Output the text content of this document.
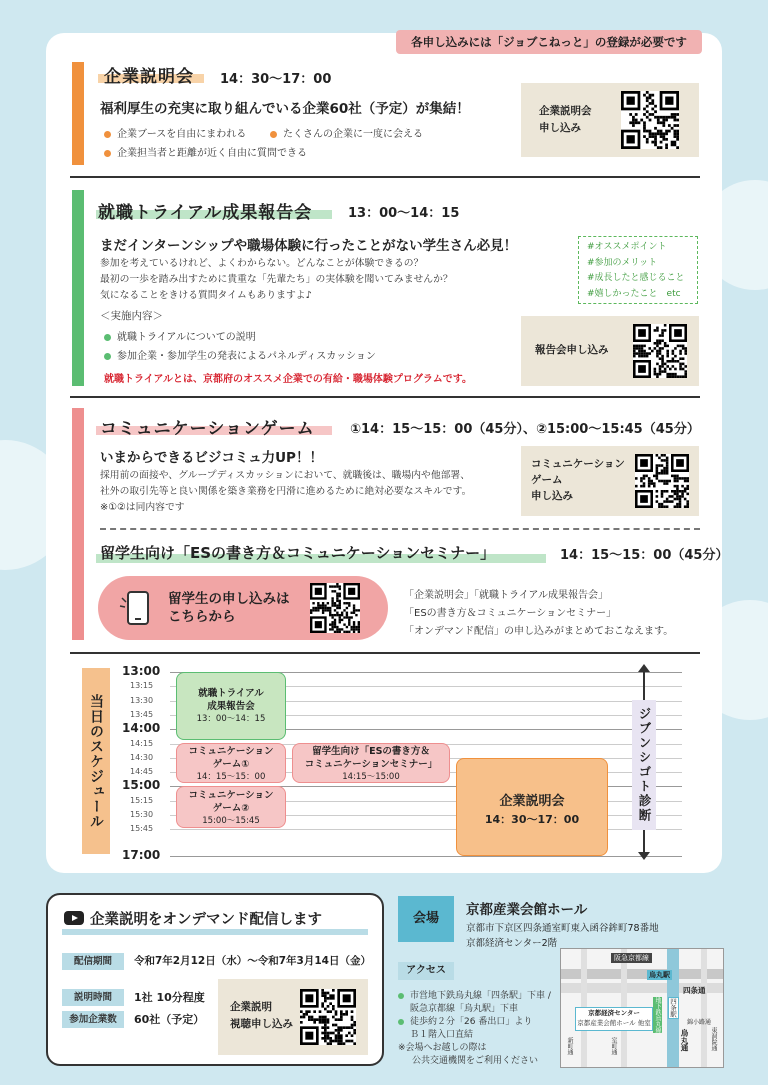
各申し込みには「ジョブこねっと」の登録が必要です
企業説明会 14：30～17：00
福利厚生の充実に取り組んでいる企業60社（予定）が集結！
企業ブースを自由にまわれる	たくさんの企業に一度に会える
企業担当者と距離が近く自由に質問できる
企業説明会
申し込み
就職トライアル成果報告会	13：00～14：15
まだインターンシップや職場体験に行ったことがない学生さん必見！
参加を考えているけれど、よくわからない。どんなことが体験できるの？
最初の一歩を踏み出すために貴重な「先輩たち」の実体験を聞いてみませんか？
気になることをきける質問タイムもありますよ♪
＜実施内容＞
就職トライアルについての説明
参加企業・参加学生の発表によるパネルディスカッション
就職トライアルとは、京都府のオススメ企業での有給・職場体験プログラムです。
#オススメポイント
#参加のメリット
#成長したと感じること
#嬉しかったこと　etc
報告会申し込み
コミュニケーションゲーム	①14：15～15：00（45分）、②15:00～15:45（45分）
いまからできるビジコミュ力UP！！
採用前の面接や、グループディスカッションにおいて、就職後は、職場内や他部署、
社外の取引先等と良い関係を築き業務を円滑に進めるために絶対必要なスキルです。
※①②は同内容です
コミュニケーション
ゲーム
申し込み
留学生向け「ESの書き方＆コミュニケーションセミナー」	14：15～15：00（45分）
留学生の申し込みは
こちらから
「企業説明会」「就職トライアル成果報告会」
「ESの書き方＆コミュニケーションセミナー」
「オンデマンド配信」の申し込みがまとめておこなえます。
当日のスケジュール
13:00
13:15
13:30
13:45
14:00
14:15
14:30
14:45
15:00
15:15
15:30
15:45
17:00
就職トライアル
成果報告会
13：00～14：15
コミュニケーション
ゲーム①
14：15～15：00
コミュニケーション
ゲーム②
15:00～15:45
留学生向け「ESの書き方＆
コミュニケーションセミナー」
14:15～15:00
企業説明会
14：30～17：00	ジブンシゴト診断
企業説明をオンデマンド配信します
配信期間	令和7年2月12日（水）～令和7年3月14日（金）
説明時間	1社 10分程度
参加企業数	60社（予定）
企業説明
視聴申し込み
会場
京都産業会館ホール
京都市下京区四条通室町東入函谷鉾町78番地
京都経済センター2階
アクセス
市営地下鉄烏丸線「四条駅」下車 /
阪急京都線「烏丸駅」下車
徒歩約２分「26 番出口」より
Ｂ１階入口直結
※会場へお越しの際は
公共交通機関をご利用ください
阪急京都線
烏丸駅
四条通
京都経済センター
京都産業会館ホール 他室 地下鉄烏丸線 四条駅
烏丸通
錦小路通
新町通	室町通	東洞院通
